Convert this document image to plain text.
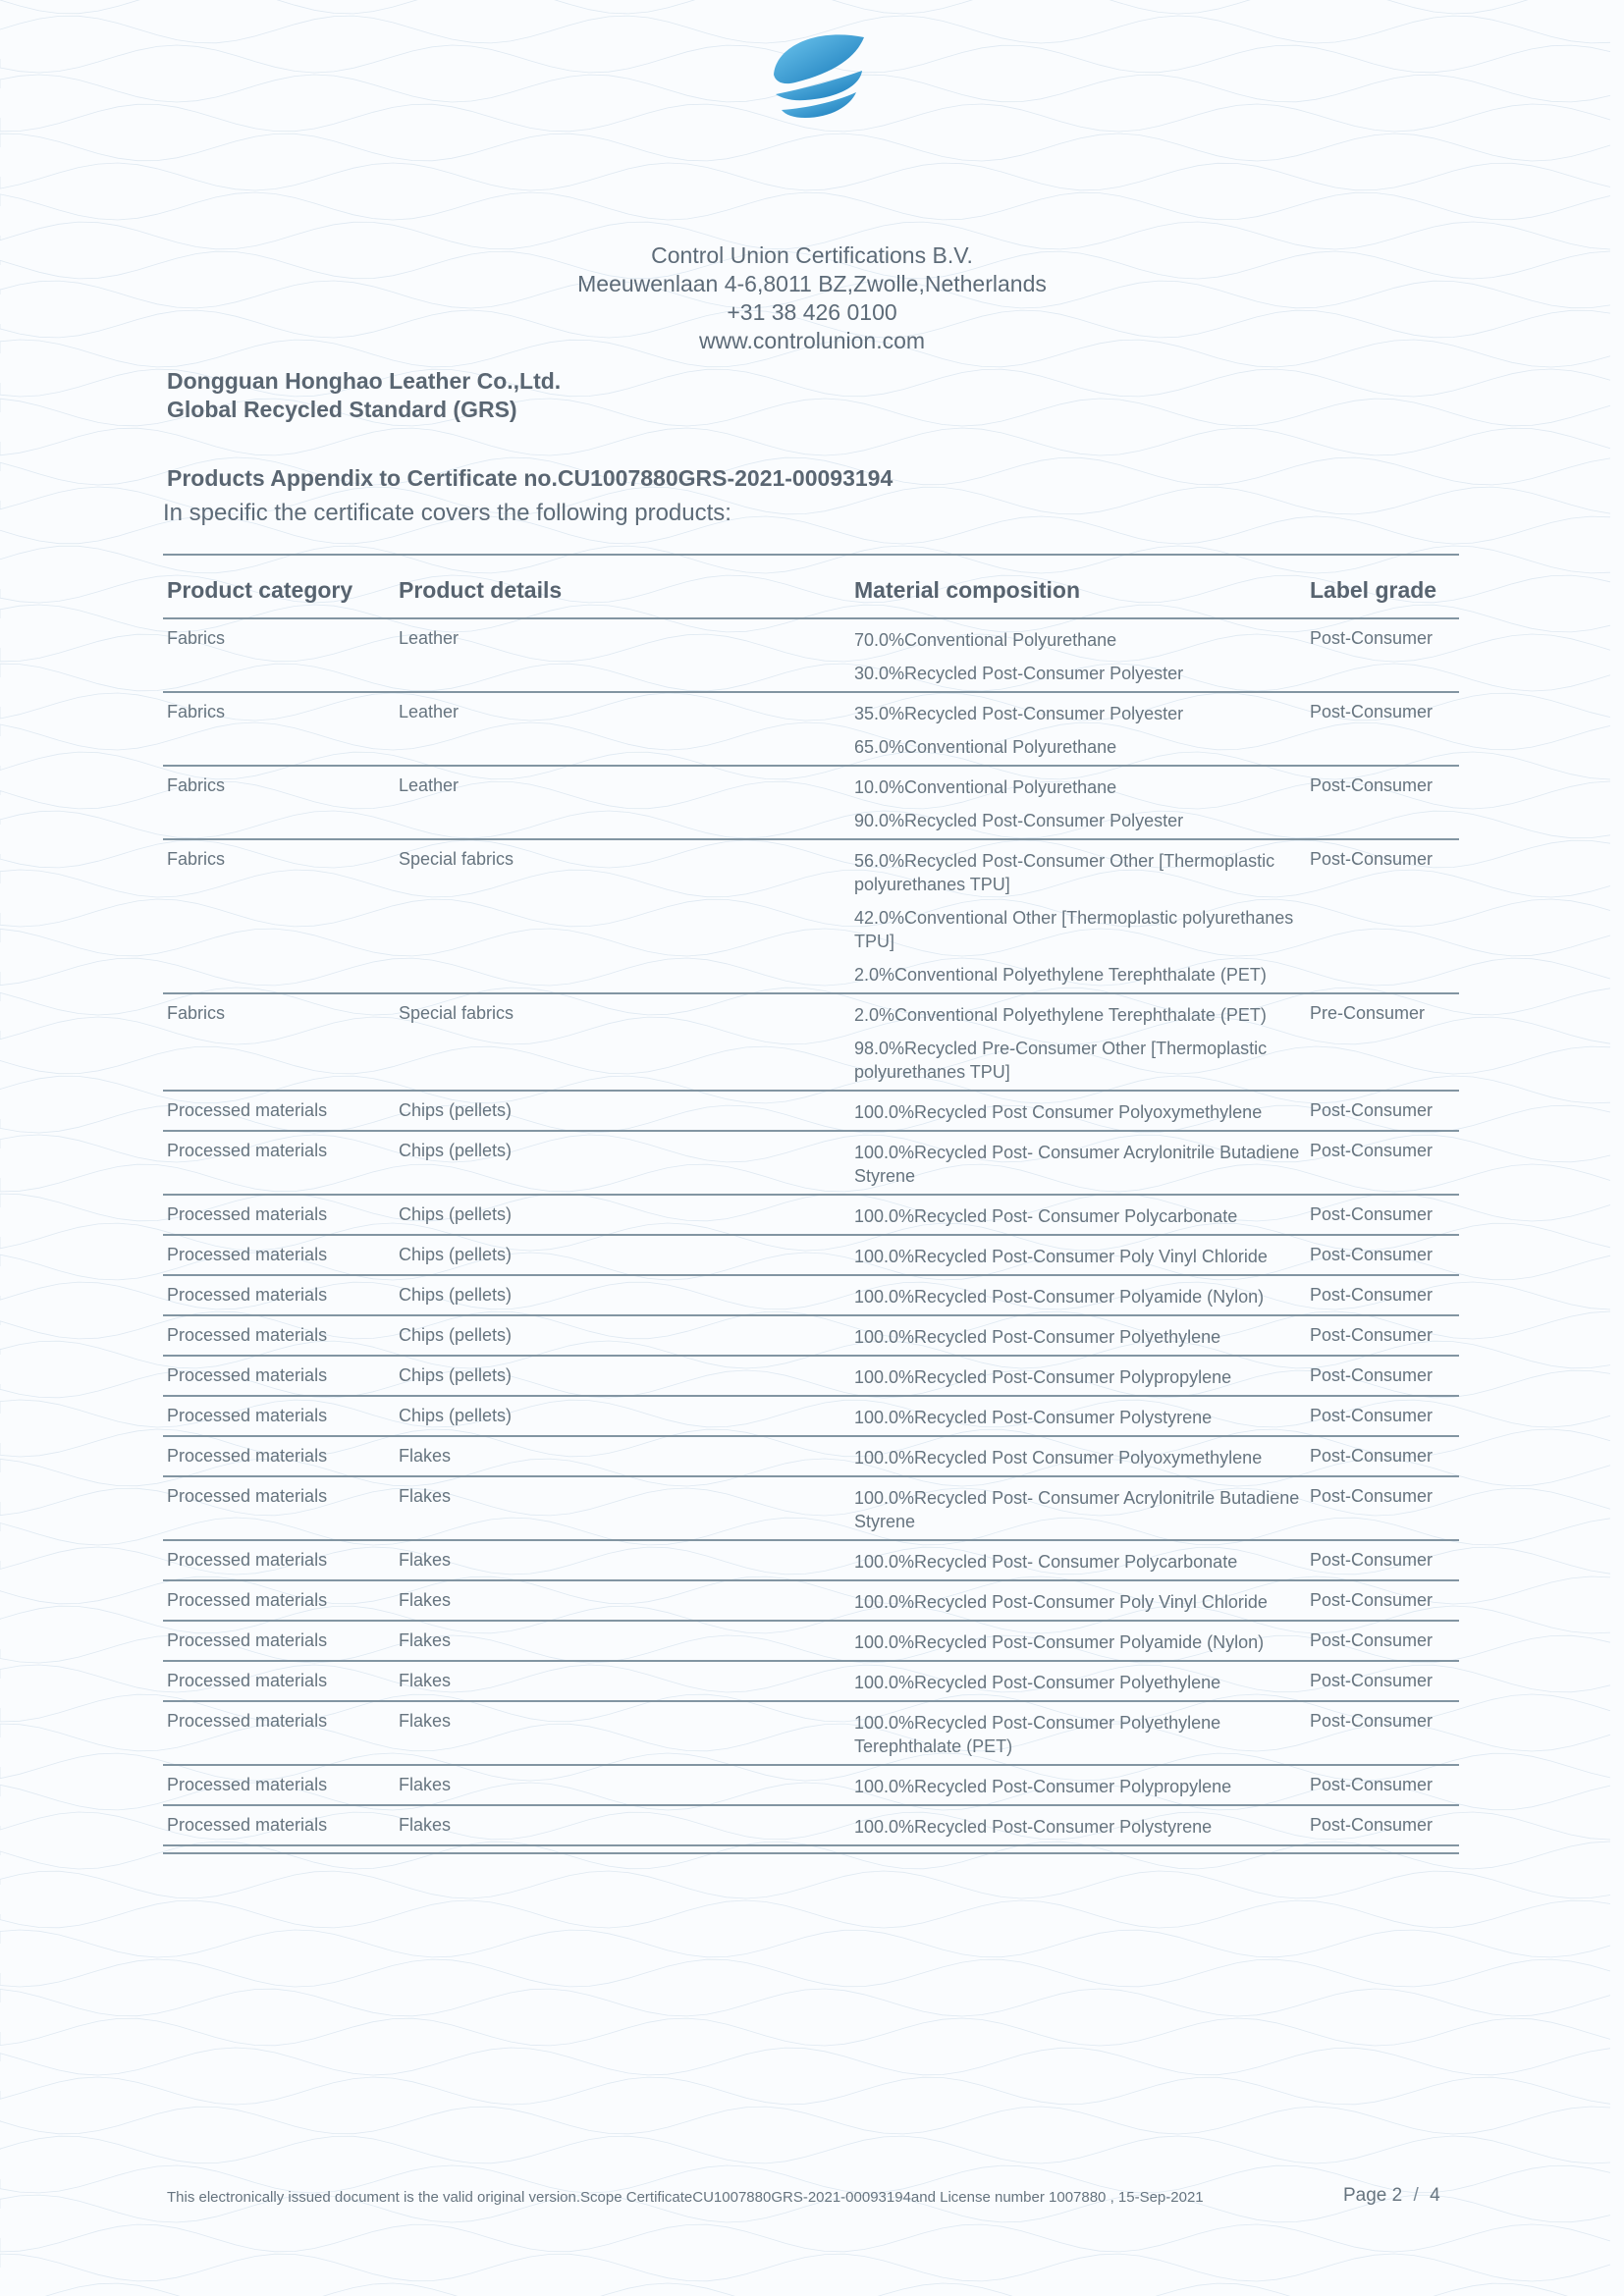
Control Union Certifications B.V.
Meeuwenlaan 4-6,8011 BZ,Zwolle,Netherlands
+31 38 426 0100
www.controlunion.com
Dongguan Honghao Leather Co.,Ltd.
Global Recycled Standard (GRS)
Products Appendix to Certificate no.CU1007880GRS-2021-00093194
In specific the certificate covers the following products:
Product category	Product details	Material composition	Label grade
Fabrics	Leather	70.0%Conventional Polyurethane
30.0%Recycled Post-Consumer Polyester	Post-Consumer
Fabrics	Leather	35.0%Recycled Post-Consumer Polyester
65.0%Conventional Polyurethane	Post-Consumer
Fabrics	Leather	10.0%Conventional Polyurethane
90.0%Recycled Post-Consumer Polyester	Post-Consumer
Fabrics	Special fabrics	56.0%Recycled Post-Consumer Other [Thermoplastic polyurethanes TPU]
42.0%Conventional Other [Thermoplastic polyurethanes TPU]
2.0%Conventional Polyethylene Terephthalate (PET)	Post-Consumer
Fabrics	Special fabrics	2.0%Conventional Polyethylene Terephthalate (PET)
98.0%Recycled Pre-Consumer Other [Thermoplastic polyurethanes TPU]	Pre-Consumer
Processed materials	Chips (pellets)	100.0%Recycled Post Consumer Polyoxymethylene	Post-Consumer
Processed materials	Chips (pellets)	100.0%Recycled Post- Consumer Acrylonitrile Butadiene Styrene	Post-Consumer
Processed materials	Chips (pellets)	100.0%Recycled Post- Consumer Polycarbonate	Post-Consumer
Processed materials	Chips (pellets)	100.0%Recycled Post-Consumer Poly Vinyl Chloride	Post-Consumer
Processed materials	Chips (pellets)	100.0%Recycled Post-Consumer Polyamide (Nylon)	Post-Consumer
Processed materials	Chips (pellets)	100.0%Recycled Post-Consumer Polyethylene	Post-Consumer
Processed materials	Chips (pellets)	100.0%Recycled Post-Consumer Polypropylene	Post-Consumer
Processed materials	Chips (pellets)	100.0%Recycled Post-Consumer Polystyrene	Post-Consumer
Processed materials	Flakes	100.0%Recycled Post Consumer Polyoxymethylene	Post-Consumer
Processed materials	Flakes	100.0%Recycled Post- Consumer Acrylonitrile Butadiene Styrene	Post-Consumer
Processed materials	Flakes	100.0%Recycled Post- Consumer Polycarbonate	Post-Consumer
Processed materials	Flakes	100.0%Recycled Post-Consumer Poly Vinyl Chloride	Post-Consumer
Processed materials	Flakes	100.0%Recycled Post-Consumer Polyamide (Nylon)	Post-Consumer
Processed materials	Flakes	100.0%Recycled Post-Consumer Polyethylene	Post-Consumer
Processed materials	Flakes	100.0%Recycled Post-Consumer Polyethylene Terephthalate (PET)	Post-Consumer
Processed materials	Flakes	100.0%Recycled Post-Consumer Polypropylene	Post-Consumer
Processed materials	Flakes	100.0%Recycled Post-Consumer Polystyrene	Post-Consumer
This electronically issued document is the valid original version.Scope CertificateCU1007880GRS-2021-00093194and License number 1007880 , 15-Sep-2021	Page 2 / 4
